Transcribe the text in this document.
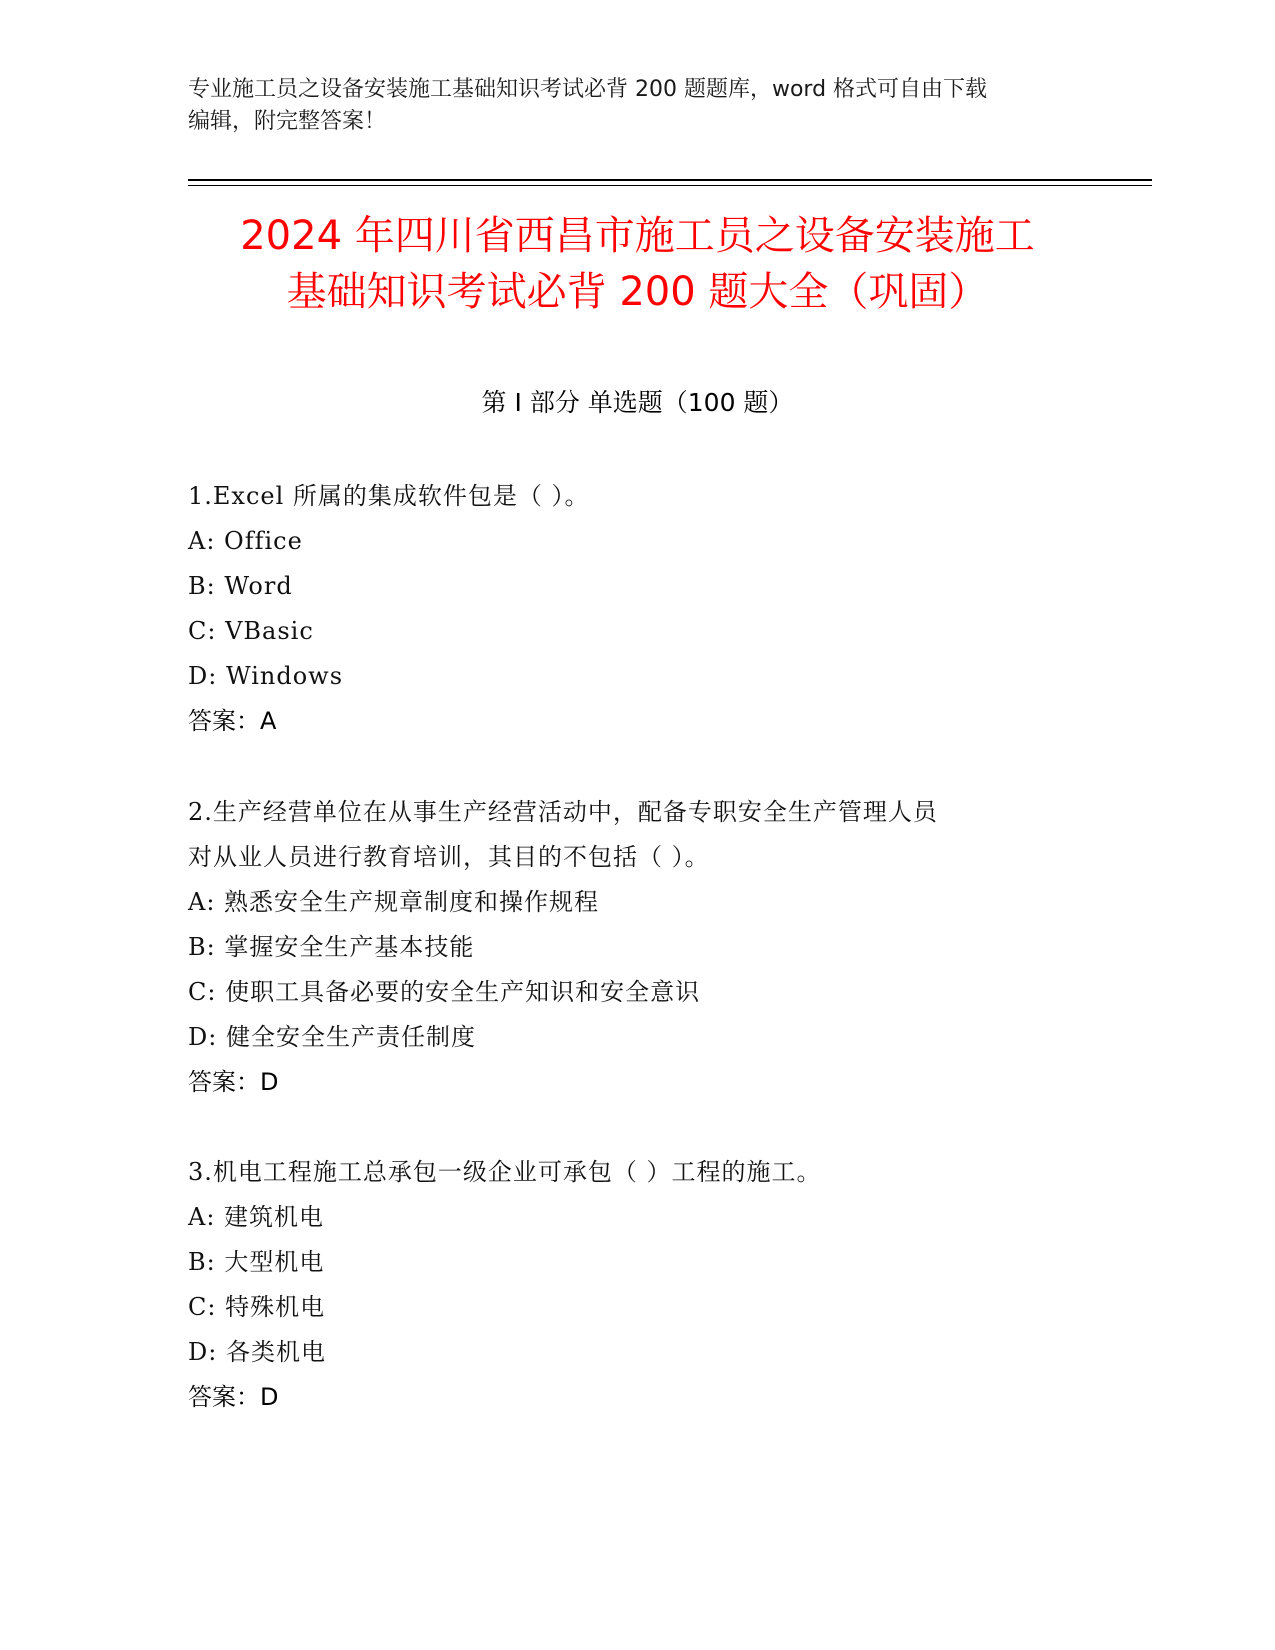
专业施工员之设备安装施工基础知识考试必背 200 题题库，word 格式可自由下载
编辑，附完整答案！
2024 年四川省西昌市施工员之设备安装施工
基础知识考试必背 200 题大全（巩固）
第 I 部分 单选题（100 题）
1.Excel 所属的集成软件包是（ ）。
A: Office
B: Word
C: VBasic
D: Windows
答案：A
2.生产经营单位在从事生产经营活动中，配备专职安全生产管理人员
对从业人员进行教育培训，其目的不包括（ ）。
A: 熟悉安全生产规章制度和操作规程
B: 掌握安全生产基本技能
C: 使职工具备必要的安全生产知识和安全意识
D: 健全安全生产责任制度
答案：D
3.机电工程施工总承包一级企业可承包（ ）工程的施工。
A: 建筑机电
B: 大型机电
C: 特殊机电
D: 各类机电
答案：D
